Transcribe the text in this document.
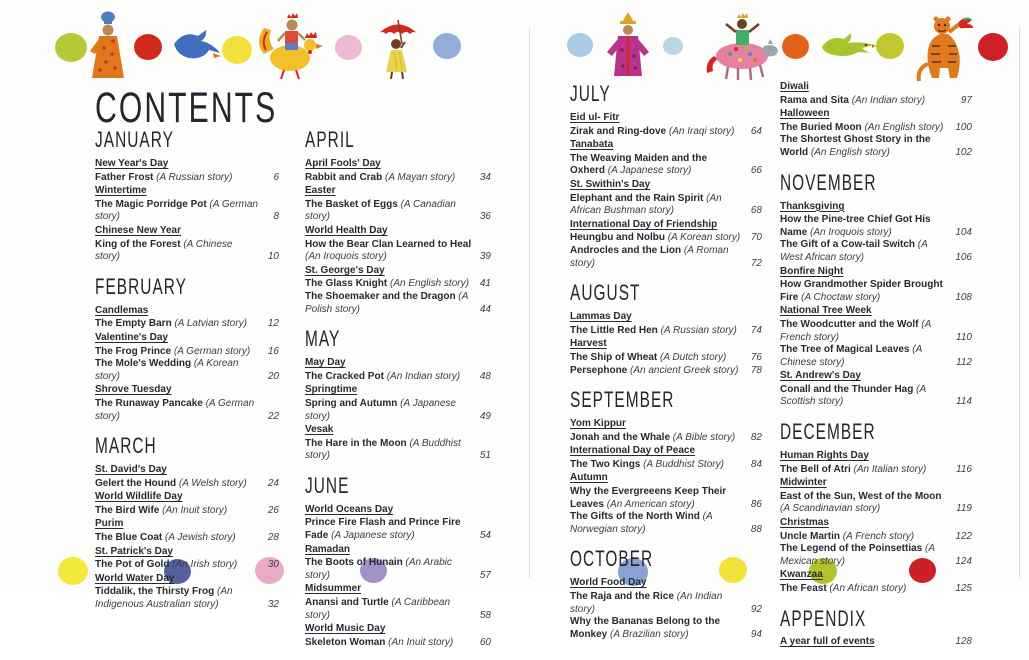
CONTENTS
JANUARY
New Year's Day
Father Frost (A Russian story)	6
Wintertime
The Magic Porridge Pot (A German story)	8
Chinese New Year
King of the Forest (A Chinese story)	10
FEBRUARY
Candlemas
The Empty Barn (A Latvian story)	12
Valentine's Day
The Frog Prince (A German story)	16
The Mole's Wedding (A Korean story)	20
Shrove Tuesday
The Runaway Pancake (A German story)	22
MARCH
St. David's Day
Gelert the Hound (A Welsh story)	24
World Wildlife Day
The Bird Wife (An Inuit story)	26
Purim
The Blue Coat (A Jewish story)	28
St. Patrick's Day
The Pot of Gold (An Irish story)	30
World Water Day
Tiddalik, the Thirsty Frog (An Indigenous Australian story)	32
APRIL
April Fools' Day
Rabbit and Crab (A Mayan story)	34
Easter
The Basket of Eggs (A Canadian story)	36
World Health Day
How the Bear Clan Learned to Heal (An Iroquois story)	39
St. George's Day
The Glass Knight (An English story) 41
The Shoemaker and the Dragon (A Polish story)	44
MAY
May Day
The Cracked Pot (An Indian story)	48
Springtime
Spring and Autumn (A Japanese story)	49
Vesak
The Hare in the Moon (A Buddhist story)	51
JUNE
World Oceans Day
Prince Fire Flash and Prince Fire Fade (A Japanese story)	54
Ramadan
The Boots of Hunain (An Arabic story)	57
Midsummer
Anansi and Turtle (A Caribbean story)	58
World Music Day
Skeleton Woman (An Inuit story)	60
JULY
Eid ul- Fitr
Zirak and Ring-dove (An Iraqi story)	64
Tanabata
The Weaving Maiden and the Oxherd (A Japanese story)	66
St. Swithin's Day
Elephant and the Rain Spirit (An African Bushman story)	68
International Day of Friendship
Heungbu and Nolbu (A Korean story) 70
Androcles and the Lion (A Roman story)	72
AUGUST
Lammas Day
The Little Red Hen (A Russian story)	74
Harvest
The Ship of Wheat (A Dutch story)	76
Persephone (An ancient Greek story)	78
SEPTEMBER
Yom Kippur
Jonah and the Whale (A Bible story)	82
International Day of Peace
The Two Kings (A Buddhist Story)	84
Autumn
Why the Evergreeens Keep Their Leaves (An American story)	86
The Gifts of the North Wind (A Norwegian story)	88
OCTOBER
World Food Day
The Raja and the Rice (An Indian story)	92
Why the Bananas Belong to the Monkey (A Brazilian story)	94
Diwali
Rama and Sita (An Indian story)	97
Halloween
The Buried Moon (An English story)	100
The Shortest Ghost Story in the World (An English story)	102
NOVEMBER
Thanksgiving
How the Pine-tree Chief Got His Name (An Iroquois story)	104
The Gift of a Cow-tail Switch (A West African story)	106
Bonfire Night
How Grandmother Spider Brought Fire (A Choctaw story)	108
National Tree Week
The Woodcutter and the Wolf (A French story)	110
The Tree of Magical Leaves (A Chinese story)	112
St. Andrew's Day
Conall and the Thunder Hag (A Scottish story)	114
DECEMBER
Human Rights Day
The Bell of Atri (An Italian story)	116
Midwinter
East of the Sun, West of the Moon (A Scandinavian story)	119
Christmas
Uncle Martin (A French story)	122
The Legend of the Poinsettias (A Mexican story)	124
Kwanzaa
The Feast (An African story)	125
APPENDIX
A year full of events	128
